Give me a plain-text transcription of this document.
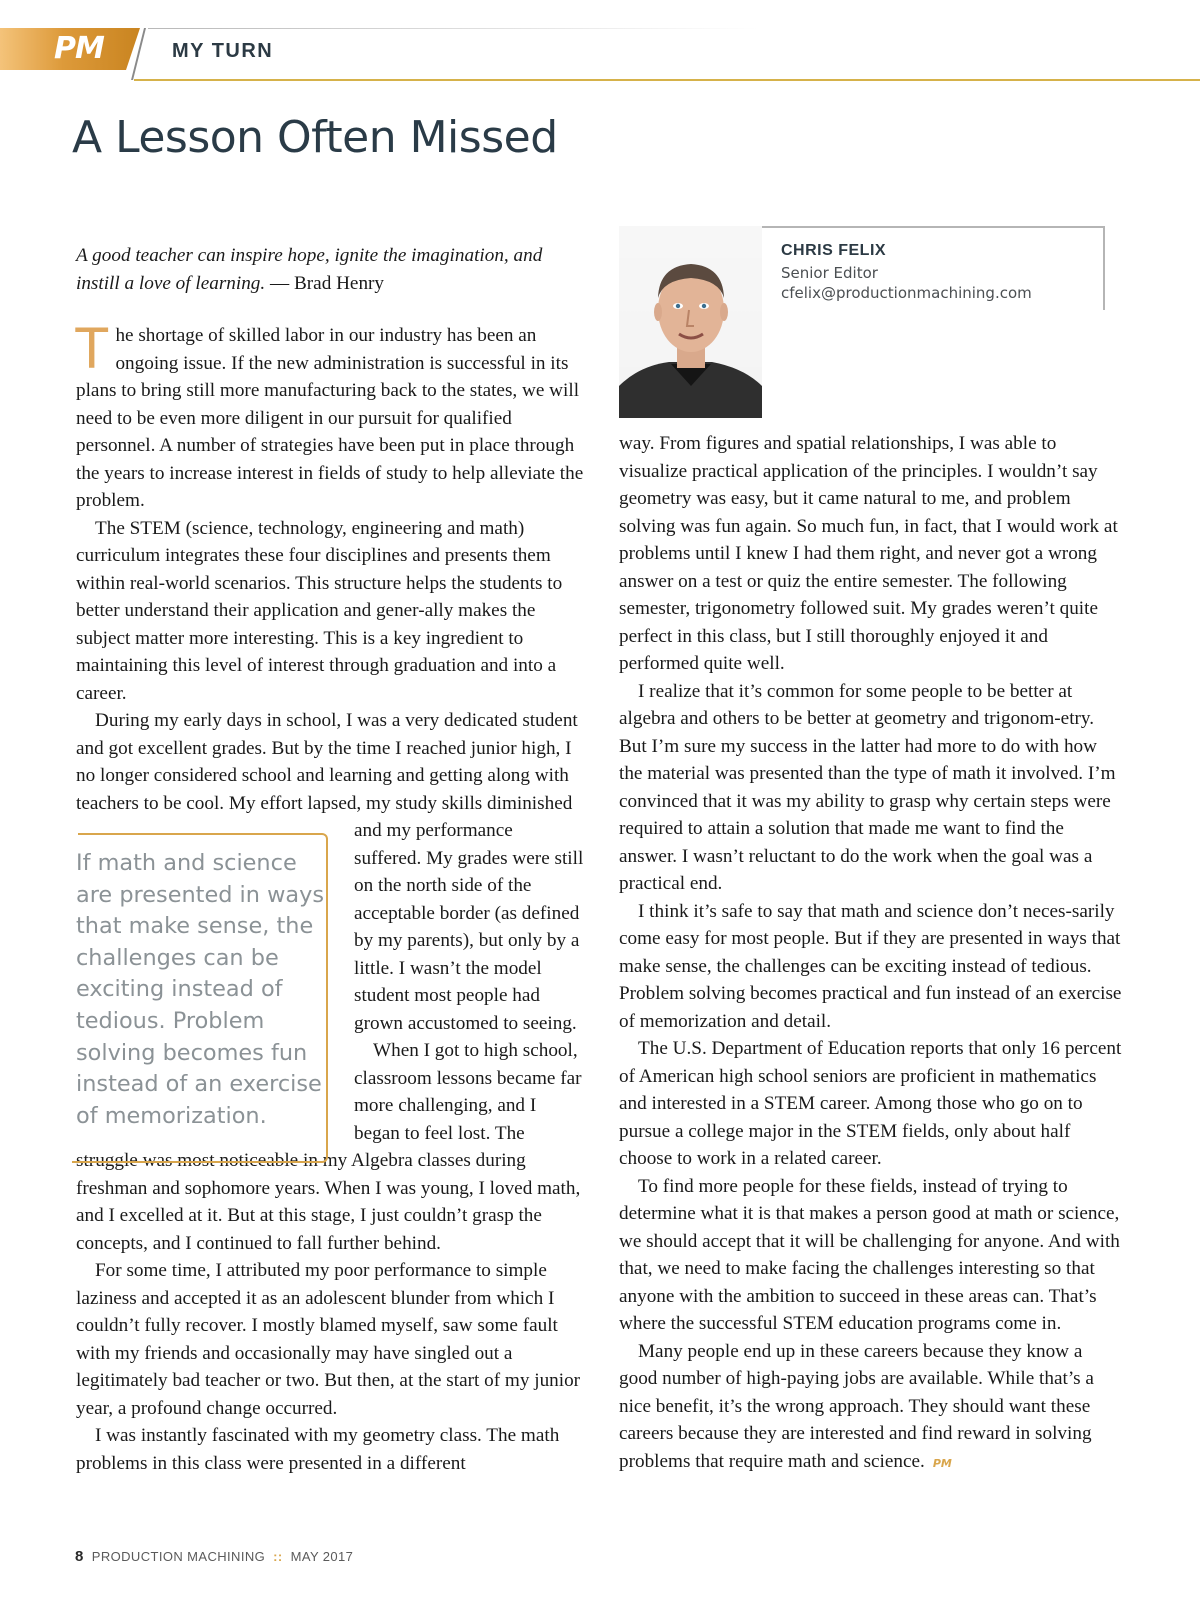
PM	MY TURN
A Lesson Often Missed
A good teacher can inspire hope, ignite the imagination, and instill a love of learning. — Brad Henry
CHRIS FELIX
Senior Editor
cfelix@productionmachining.com

The shortage of skilled labor in our industry has been an ongoing issue. If the new administration is successful in its plans to bring still more manufacturing back to the states, we will need to be even more diligent in our pursuit for qualified personnel. A number of strategies have been put in place through the years to increase interest in fields of study to help alleviate the problem.

The STEM (science, technology, engineering and math) curriculum integrates these four disciplines and presents them within real-world scenarios. This structure helps the students to better understand their application and gener-ally makes the subject matter more interesting. This is a key ingredient to maintaining this level of interest through graduation and into a career.

During my early days in school, I was a very dedicated student and got excellent grades. But by the time I reached junior high, I no longer considered school and learning and getting along with teachers to be cool. My effort lapsed, my
study skills diminished and my performance suffered. My grades were still on the north side of the acceptable border (as defined by my parents), but only by a little. I wasn’t the model student most people had grown accustomed to seeing.

When I got to high school, classroom lessons became far more challenging, and I began to feel lost. The struggle was most noticeable in my Algebra classes during freshman and sophomore years. When I was young, I loved math, and I excelled at it. But at this stage, I just couldn’t grasp the concepts, and I continued to fall further behind.

For some time, I attributed my poor performance to simple laziness and accepted it as an adolescent blunder from which I couldn’t fully recover. I mostly blamed myself, saw some fault with my friends and occasionally may have singled out a legitimately bad teacher or two. But then, at the start of my junior year, a profound change occurred.

I was instantly fascinated with my geometry class. The math problems in this class were presented in a different

If math and science are presented in ways that make sense, the challenges can be exciting instead of tedious. Problem solving becomes fun instead of an exercise of memorization.

way. From figures and spatial relationships, I was able to visualize practical application of the principles. I wouldn’t say geometry was easy, but it came natural to me, and problem solving was fun again. So much fun, in fact, that I would work at problems until I knew I had them right, and never got a wrong answer on a test or quiz the entire semester. The following semester, trigonometry followed suit. My grades weren’t quite perfect in this class, but I still thoroughly enjoyed it and performed quite well.

I realize that it’s common for some people to be better at algebra and others to be better at geometry and trigonom-etry. But I’m sure my success in the latter had more to do with how the material was presented than the type of math it involved. I’m convinced that it was my ability to grasp why certain steps were required to attain a solution that made me want to find the answer. I wasn’t reluctant to do the work when the goal was a practical end.

I think it’s safe to say that math and science don’t neces-sarily come easy for most people. But if they are presented in ways that make sense, the challenges can be exciting instead of tedious. Problem solving becomes practical and fun instead of an exercise of memorization and detail.

The U.S. Department of Education reports that only 16 percent of American high school seniors are proficient in mathematics and interested in a STEM career. Among those who go on to pursue a college major in the STEM fields, only about half choose to work in a related career.

To find more people for these fields, instead of trying to determine what it is that makes a person good at math or science, we should accept that it will be challenging for anyone. And with that, we need to make facing the challenges interesting so that anyone with the ambition to succeed in these areas can. That’s where the successful STEM education programs come in.

Many people end up in these careers because they know a good number of high-paying jobs are available. While that’s a nice benefit, it’s the wrong approach. They should want these careers because they are interested and find reward in solving problems that require math and science. PM

8 PRODUCTION MACHINING :: MAY 2017
